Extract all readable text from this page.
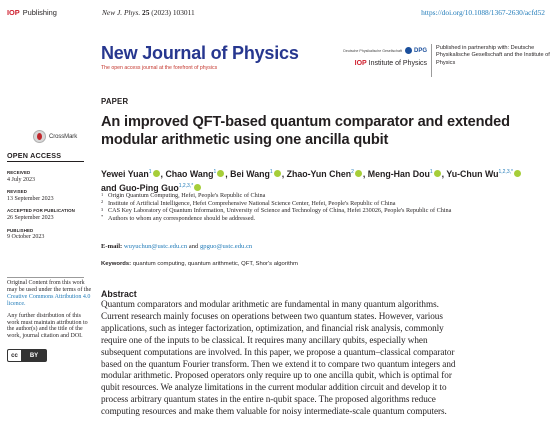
IOP Publishing	New J. Phys. 25 (2023) 103011	https://doi.org/10.1088/1367-2630/acfd52
New Journal of Physics
The open access journal at the forefront of physics
Deutsche Physikalische Gesellschaft DPG
IOP Institute of Physics
Published in partnership with: Deutsche Physikalische Gesellschaft and the Institute of Physics
CrossMark
OPEN ACCESS
RECEIVED
4 July 2023
REVISED
13 September 2023
ACCEPTED FOR PUBLICATION
26 September 2023
PUBLISHED
9 October 2023

Original Content from this work may be used under the terms of the Creative Commons Attribution 4.0 licence.

Any further distribution of this work must maintain attribution to the author(s) and the title of the work, journal citation and DOI.

cc	BY
PAPER
An improved QFT-based quantum comparator and extended modular arithmetic using one ancilla qubit
Yewei Yuan$^1$ , Chao Wang$^1$ , Bei Wang$^1$ , Zhao-Yun Chen$^2$ , Meng-Han Dou$^1$ , Yu-Chun $Wu^{1,2,3,*}$
and Guo-Ping Guo$^{1,2,3,*}$
1 Origin Quantum Computing, Hefei, People's Republic of China
2 Institute of Artificial Intelligence, Hefei Comprehensive National Science Center, Hefei, People's Republic of China
3 CAS Key Laboratory of Quantum Information, University of Science and Technology of China, Hefei 230026, People's Republic of China
* Authors to whom any correspondence should be addressed.
E-mail: wuyuchun@ustc.edu.cn and gpguo@ustc.edu.cn
Keywords: quantum computing, quantum arithmetic, QFT, Shor's algorithm
Abstract
Quantum comparators and modular arithmetic are fundamental in many quantum algorithms.
Current research mainly focuses on operations between two quantum states. However, various
applications, such as integer factorization, optimization, and financial risk analysis, commonly
require one of the inputs to be classical. It requires many ancillary qubits, especially when
subsequent computations are involved. In this paper, we propose a quantum–classical comparator
based on the quantum Fourier transform. Then we extend it to compare two quantum integers and
modular arithmetic. Proposed operators only require up to one ancilla qubit, which is optimal for
qubit resources. We analyze limitations in the current modular addition circuit and develop it to
process arbitrary quantum states in the entire n-qubit space. The proposed algorithms reduce
computing resources and make them valuable for noisy intermediate-scale quantum computers.
